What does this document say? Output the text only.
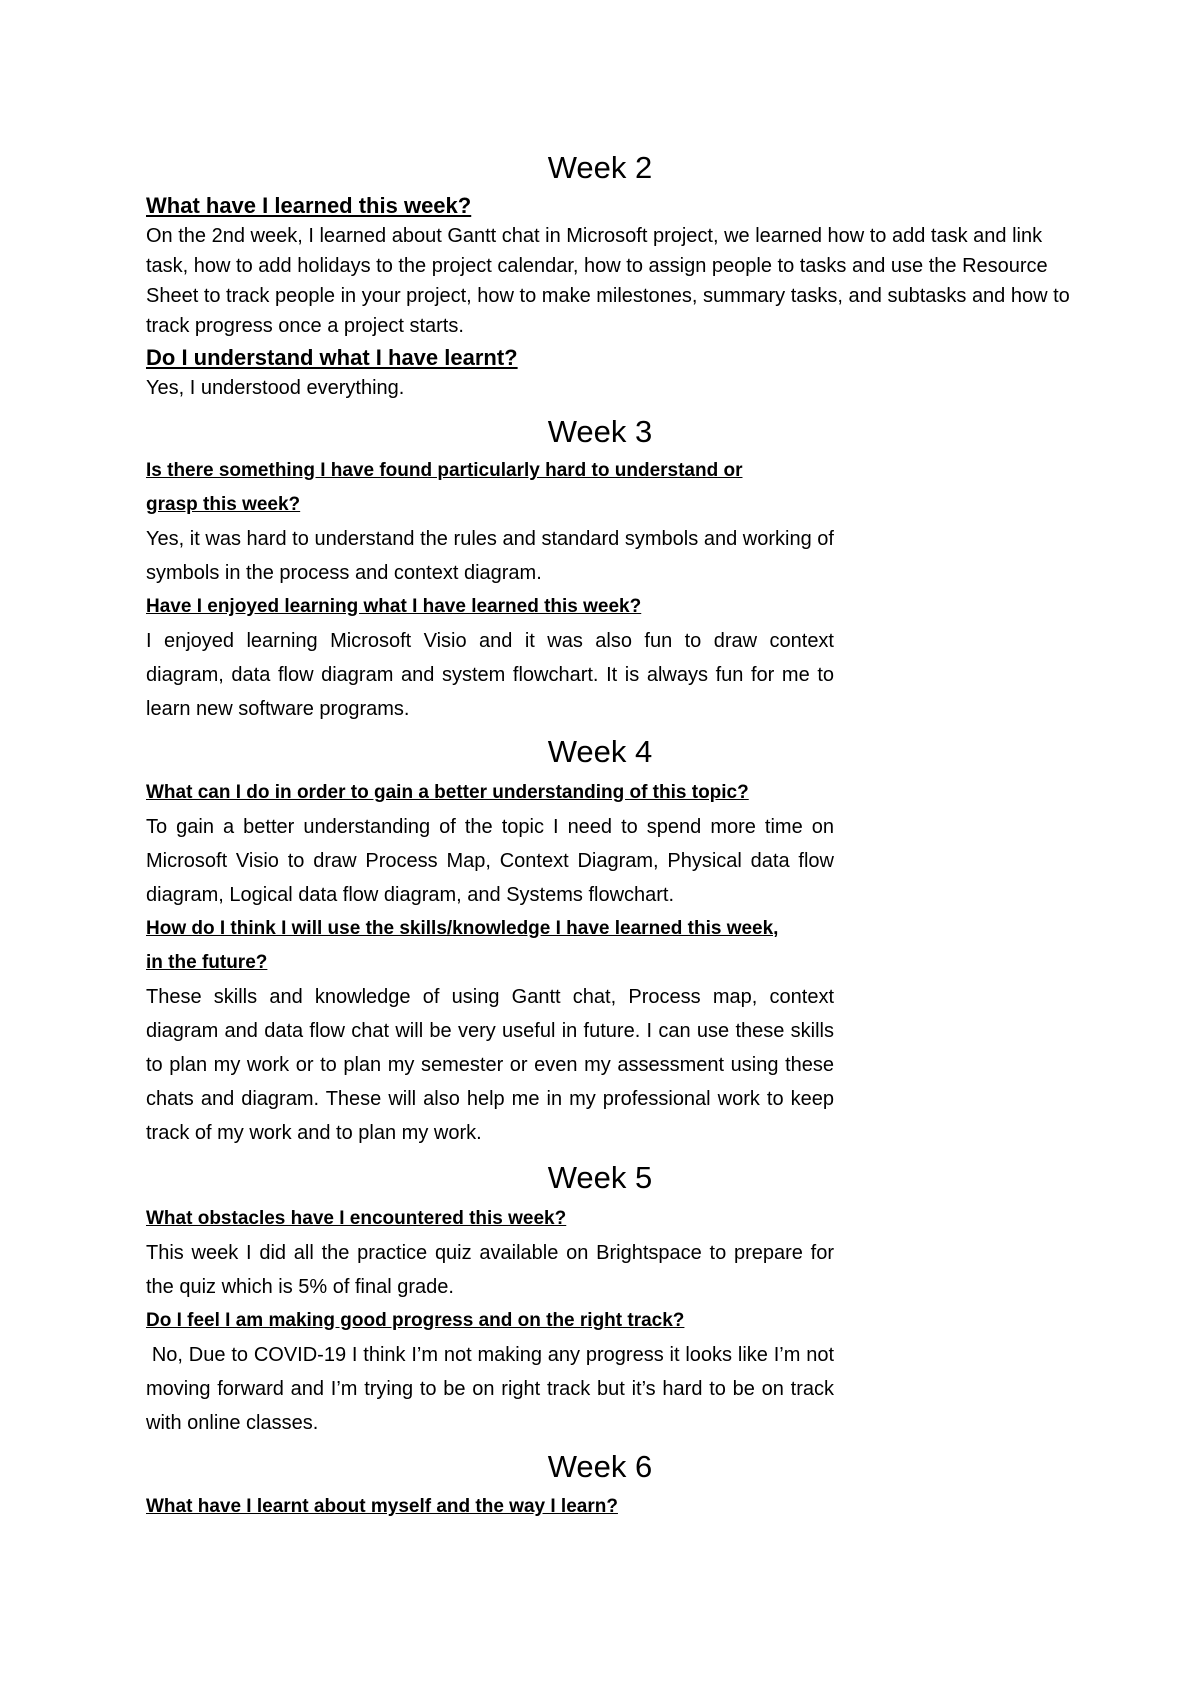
Week 2

What have I learned this week?

On the 2nd week, I learned about Gantt chat in Microsoft project, we learned how to add task and link task, how to add holidays to the project calendar, how to assign people to tasks and use the Resource Sheet to track people in your project, how to make milestones, summary tasks, and subtasks and how to track progress once a project starts.

Do I understand what I have learnt?

Yes, I understood everything.

Week 3

Is there something I have found particularly hard to understand or

grasp this week?

Yes, it was hard to understand the rules and standard symbols and working of symbols in the process and context diagram.

Have I enjoyed learning what I have learned this week?

I enjoyed learning Microsoft Visio and it was also fun to draw context diagram, data flow diagram and system flowchart. It is always fun for me to learn new software programs.

Week 4

What can I do in order to gain a better understanding of this topic?

To gain a better understanding of the topic I need to spend more time on Microsoft Visio to draw Process Map, Context Diagram, Physical data flow diagram, Logical data flow diagram, and Systems flowchart.

How do I think I will use the skills/knowledge I have learned this week,

in the future?

These skills and knowledge of using Gantt chat, Process map, context diagram and data flow chat will be very useful in future. I can use these skills to plan my work or to plan my semester or even my assessment using these chats and diagram. These will also help me in my professional work to keep track of my work and to plan my work.

Week 5

What obstacles have I encountered this week?

This week I did all the practice quiz available on Brightspace to prepare for the quiz which is 5% of final grade.

Do I feel I am making good progress and on the right track?

No, Due to COVID-19 I think I’m not making any progress it looks like I’m not moving forward and I’m trying to be on right track but it’s hard to be on track with online classes.

Week 6

What have I learnt about myself and the way I learn?
